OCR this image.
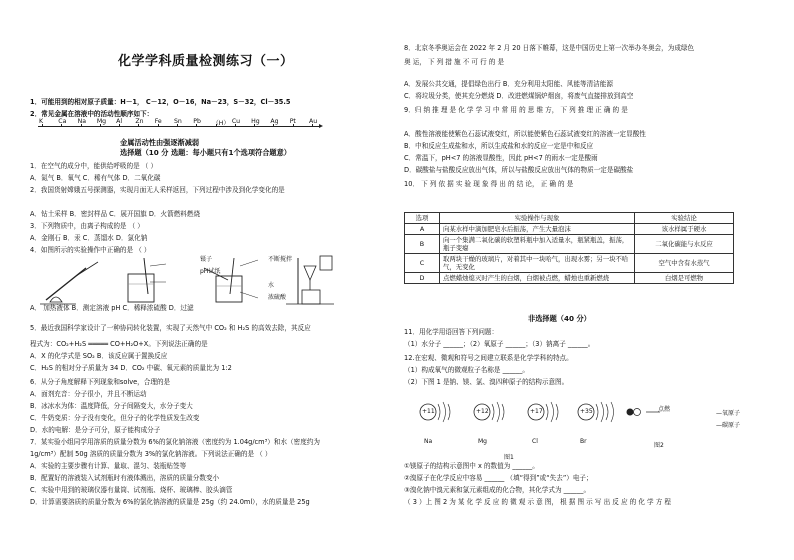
化学学科质量检测练习（一）
1．可能用到的相对原子质量：H－1， C－12，O－16，Na－23，S－32，Cl－35.5
2．常见金属在溶液中的活动性顺序如下：
K Ca Na Mg Al Zn Fe Sn Pb （H） Cu Hg Ag Pt Au
金属活动性由强逐渐减弱
选择题（10 分 选题：每小题只有1个选项符合题意）
1．在空气的成分中，能供给呼吸的是 （ ）
A．氮气 B．氧气 C．稀有气体 D．二氧化碳
2．我国货射嫦娥五号探测器，实现月面无人采样返回，下列过程中涉及到化学变化的是
A．钻土采样 B．密封样品 C．展开国旗 D．火箭燃料燃烧
3．下列物质中，由离子构成的是 （ ）
A．金刚石 B．汞 C．蒸馏水 D．氯化钠
4．如图所示的实验操作中正确的是 （ ）
镊子
pH试纸
不断搅拌
水
浓硫酸
A． 加热液体 B．测定溶液 pH C．稀释浓硫酸 D．过滤
5．最近我国科学家设计了一种协同转化装置，实现了天然气中 CO₂ 和 H₂S 的高效去除，其反应
程式为：CO₂+H₂S ═════ CO+H₂O+X。下列说法正确的是
A．X 的化学式是 SO₂ B．该反应属于置换反应
C．H₂S 的相对分子质量为 34 D．CO₂ 中碳、氧元素的质量比为 1:2
6．从分子角度解释下列现象和solve，合理的是
A．面剂充音：分子很小，并且不断运动
B．冰冰水为体：温度降低，分子间隔变大，水分子变大
C．牛奶变质：分子没有变化，但分子的化学性质发生改变
D．水的电解：是分子可分，原子能构成分子
7．某实验小组同学用溶质的质量分数为 6%的氯化钠溶液（密度约为 1.04g/cm³）和水（密度约为
1g/cm³）配制 50g 溶质的质量分数为 3%的氯化钠溶液。下列说法正确的是 （ ）
A．实验的主要步骤有计算、量取、混匀、装瓶贴签等
B．配置好的溶液装入试剂瓶时有液体溅出，溶质的质量分数变小
C．实验中用到的玻璃仪器有量筒、试剂瓶、烧杯、玻璃棒、胶头滴管
D．计算需要溶质的质量分数为 6%的氯化钠溶液的质量是 25g（约 24.0ml），水的质量是 25g
8．北京冬季奥运会在 2022 年 2 月 20 日落下帷幕，这是中国历史上第一次举办冬奥会，为成绿色
奥 运， 下 列 措 施 不 可 行 的 是
A．发展公共交通，提倡绿色出行 B．充分利用太阳能、风能等清洁能源
C．将垃圾分类，使其充分燃烧 D．改进燃煤锅炉烟囱，将废气直接排放到高空
9．归 纳 推 理 是 化 学 学 习 中 常 用 的 思 维 方， 下 列 推 理 正 确 的 是
A．酸性溶液能使紫色石蕊试液变红，所以能使紫色石蕊试液变红的溶液一定显酸性
B．中和反应生成盐和水，所以生成盐和水的反应一定是中和反应
C．常温下，pH<7 的溶液显酸性，因此 pH<7 的雨水一定是酸雨
D．碳酸盐与盐酸反应放出气体，所以与盐酸反应放出气体的物质一定是碳酸盐
10． 下 列 依 据 实 验 现 象 得 出 的 结 论， 正 确 的 是
选项	实验操作与现象	实验结论
A	向某水样中滴加肥皂水后振荡，产生大量泡沫	该水样属于硬水
B	向一个集满二氧化碳的软塑料瓶中加入适量水，瓶紧瓶盖，振荡，瓶子变瘪	二氧化碳能与水反应
C	取两块干燥的玻璃片，对着其中一块哈气，出现水雾；另一块不哈气，无变化	空气中含有水蒸气
D	点燃蜡烛熄灭时产生的白烟，白烟被点燃，蜡烛也重新燃烧	白烟是可燃物
非选择题（40 分）
11．用化学用语回答下列问题：
（1）水分子 ______；（2）氧原子 ______；（3）钠离子 ______。
12.在宏观、微观和符号之间建立联系是化学学科的特点。
（1）构成氧气的微观粒子名称是 ______。
（2）下图 1 是钠、镁、氯、溴四种原子的结构示意图。
+11	+12	+17	+35
Na	Mg	Cl	Br
点燃
—氧原子
—碳原子
图2
图1
①镁原子的结构示意图中 x 的数值为 ______。
②溴原子在化学反应中容易 ______ （填“得到”或“失去”）电子；
③溴化钠中溴元素和氯元素组成的化合物，其化学式为 ______。
（ 3 ）上 图 2 为 某 化 学 反 应 的 微 观 示 意 图， 根 据 图 示 写 出 反 应 的 化 学 方 程
